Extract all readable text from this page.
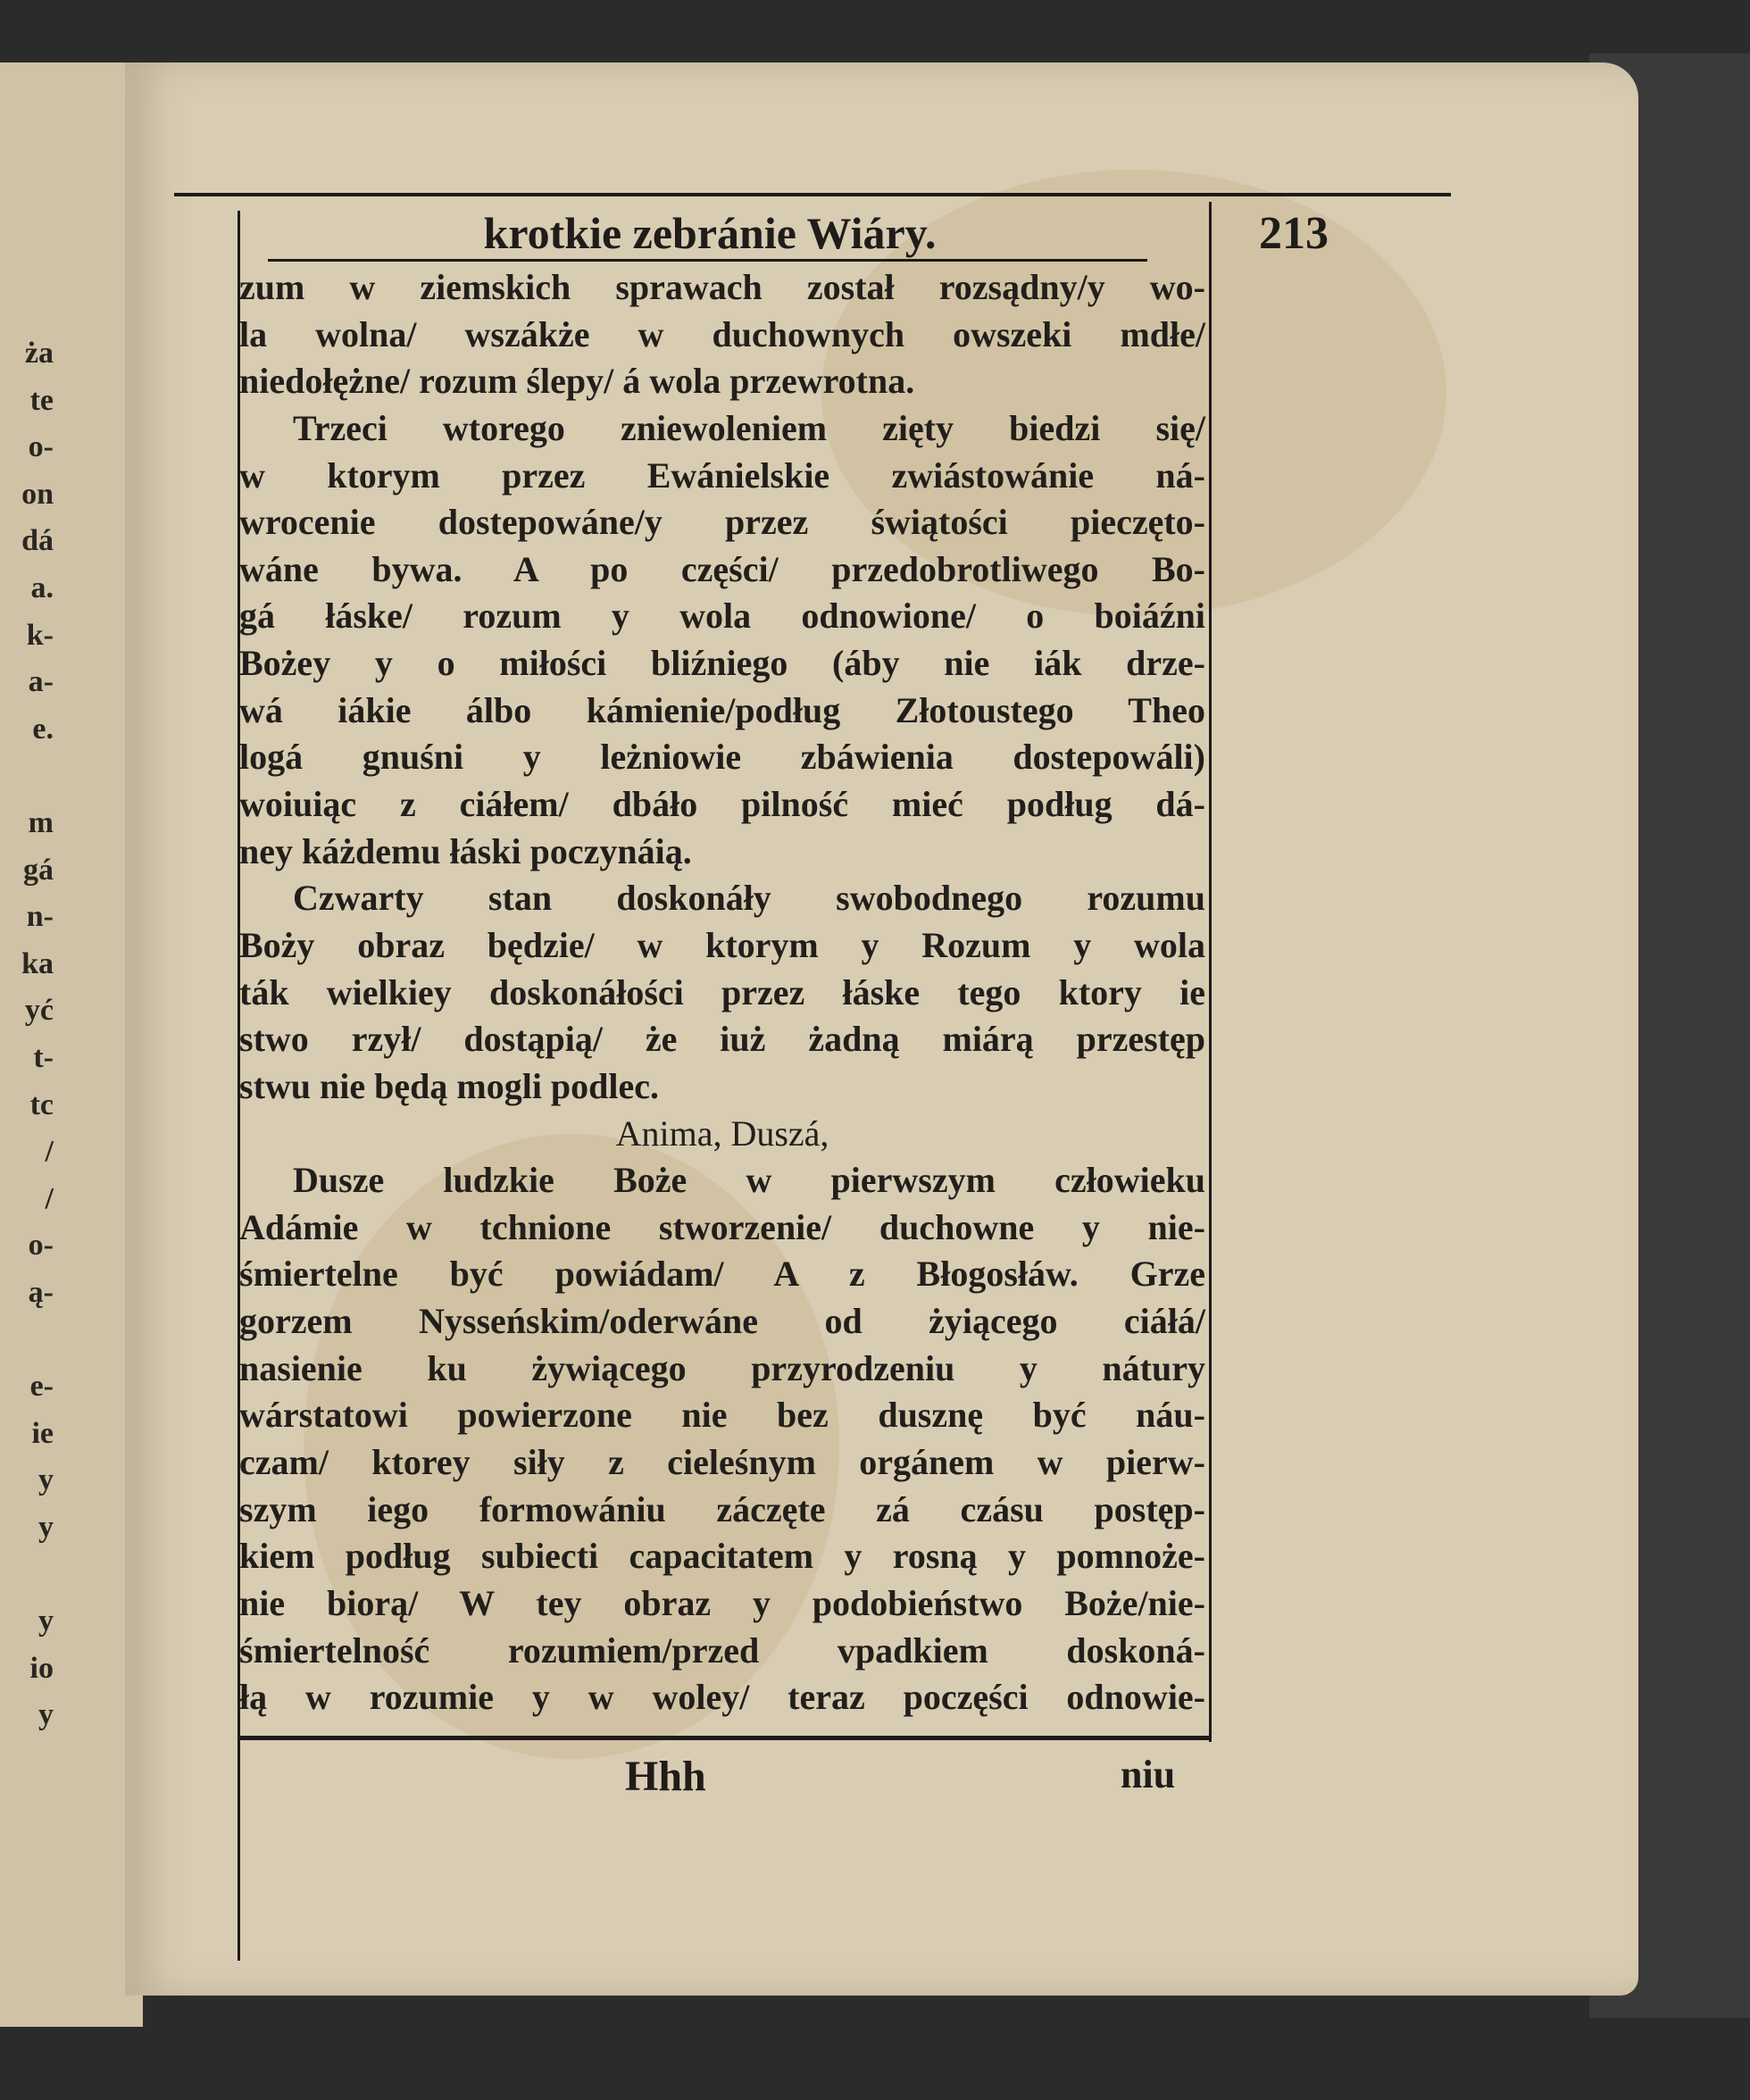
ża
te
o-
on
dá
a.
k-
a-
e.
m
gá
n-
ka
yć
t-
tc
/
/
o-
ą-
e-
ie
y
y
y
io
y
krotkie zebránie Wiáry.	213
zum w ziemskich sprawach został rozsądny/y wo-
la wolna/ wszákże w duchownych owszeki mdłe/
niedołężne/ rozum ślepy/ á wola przewrotna.
Trzeci wtorego zniewoleniem zięty biedzi się/
w ktorym przez Ewánielskie zwiástowánie ná-
wrocenie dostepowáne/y przez świątości pieczęto-
wáne bywa. A po części/ przedobrotliwego Bo-
gá łáske/ rozum y wola odnowione/ o boiáźni
Bożey y o miłości bliźniego (áby nie iák drze-
wá iákie álbo kámienie/podług Złotoustego Theo
logá gnuśni y leżniowie zbáwienia dostepowáli)
woiuiąc z ciáłem/ dbáło pilność mieć podług dá-
ney káżdemu łáski poczynáią.
Czwarty stan doskonáły swobodnego rozumu
Boży obraz będzie/ w ktorym y Rozum y wola
ták wielkiey doskonáłości przez łáske tego ktory ie
stwo rzył/ dostąpią/ że iuż żadną miárą przestęp
stwu nie będą mogli podlec.
Anima, Duszá,
Dusze ludzkie Boże w pierwszym człowieku
Adámie w tchnione stworzenie/ duchowne y nie-
śmiertelne być powiádam/ A z Błogosłáw. Grze
gorzem Nysseńskim/oderwáne od żyiącego ciáłá/
nasienie ku żywiącego przyrodzeniu y nátury
wárstatowi powierzone nie bez dusznę być náu-
czam/ ktorey siły z cieleśnym orgánem w pierw-
szym iego formowániu záczęte zá czásu postęp-
kiem podług subiecti capacitatem y rosną y pomnoże-
nie biorą/ W tey obraz y podobieństwo Boże/nie-
śmiertelność rozumiem/przed vpadkiem doskoná-
łą w rozumie y w woley/ teraz poczęści odnowie-
Hhh	niu
